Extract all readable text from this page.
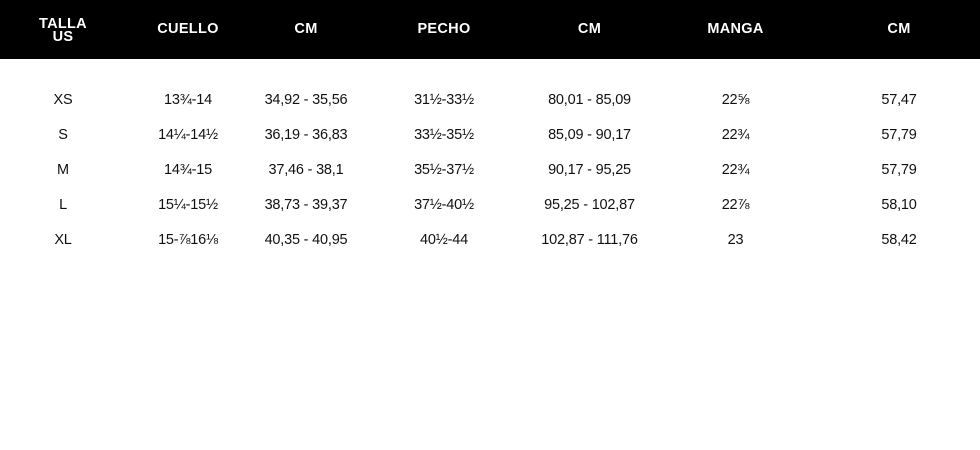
TALLA
US	CUELLO	CM	PECHO	CM	MANGA	CM
XS	13¾-14	34,92 - 35,56	31½-33½	80,01 - 85,09	22⅝	57,47
S	14¼-14½	36,19 - 36,83	33½-35½	85,09 - 90,17	22¾	57,79
M	14¾-15	37,46 - 38,1	35½-37½	90,17 - 95,25	22¾	57,79
L	15¼-15½	38,73 - 39,37	37½-40½	95,25 - 102,87	22⅞	58,10
XL	15-⅞16⅛	40,35 - 40,95	40½-44	102,87 - 111,76	23	58,42
